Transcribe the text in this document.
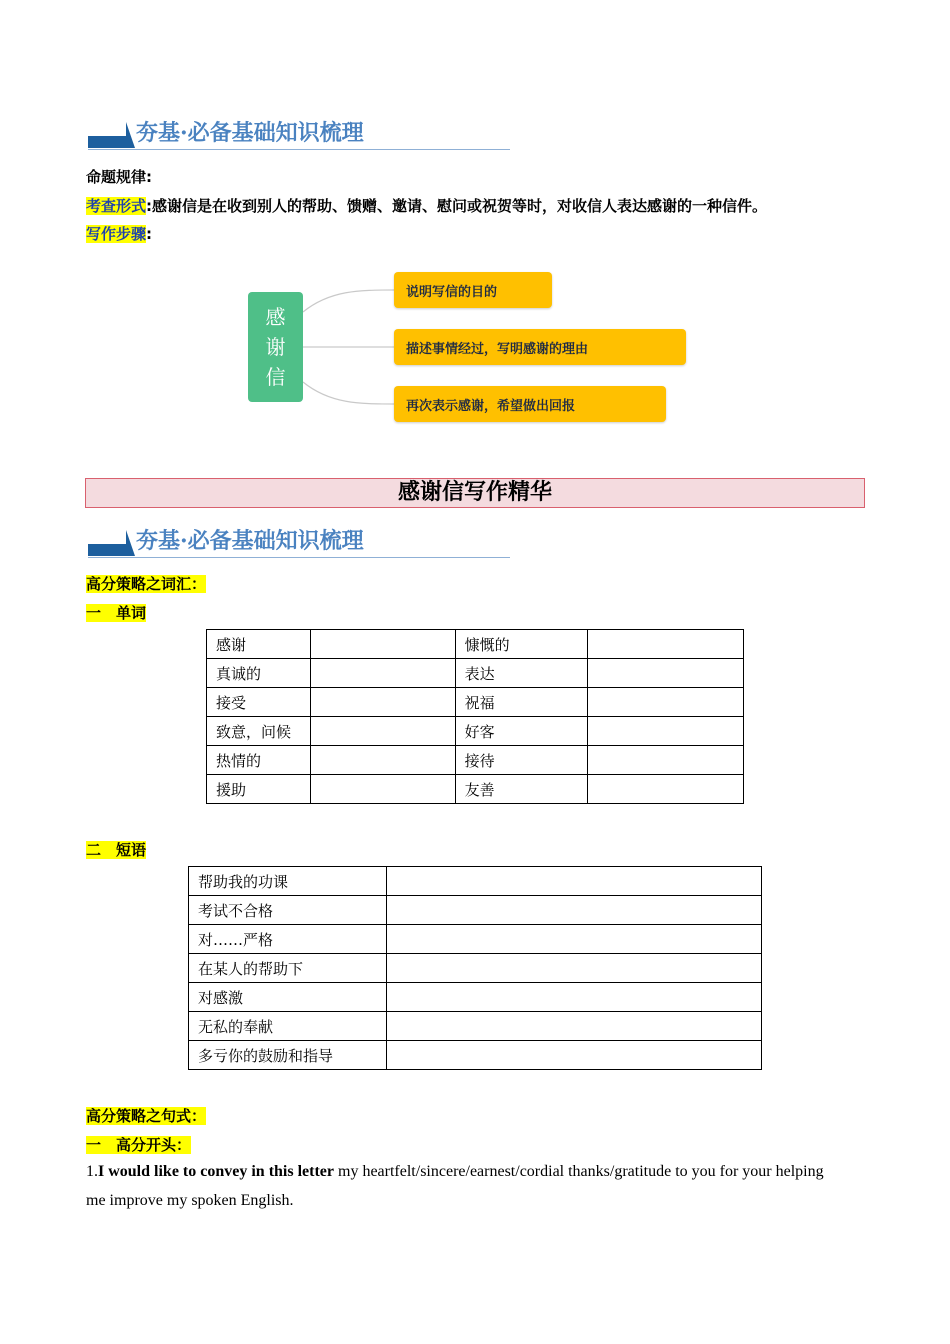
夯基·必备基础知识梳理
命题规律:
考查形式:感谢信是在收到别人的帮助、馈赠、邀请、慰问或祝贺等时，对收信人表达感谢的一种信件。
写作步骤:
感
谢
信
说明写信的目的
描述事情经过，写明感谢的理由
再次表示感谢，希望做出回报
感谢信写作精华
夯基·必备基础知识梳理
高分策略之词汇：
一　单词
感谢		慷慨的	
真诚的		表达	
接受		祝福	
致意，问候		好客	
热情的		接待	
援助		友善	
二　短语
帮助我的功课	
考试不合格	
对……严格	
在某人的帮助下	
对感激	
无私的奉献	
多亏你的鼓励和指导	
高分策略之句式：
一　高分开头：
1.I would like to convey in this letter my heartfelt/sincere/earnest/cordial thanks/gratitude to you for your helping
me improve my spoken English.
